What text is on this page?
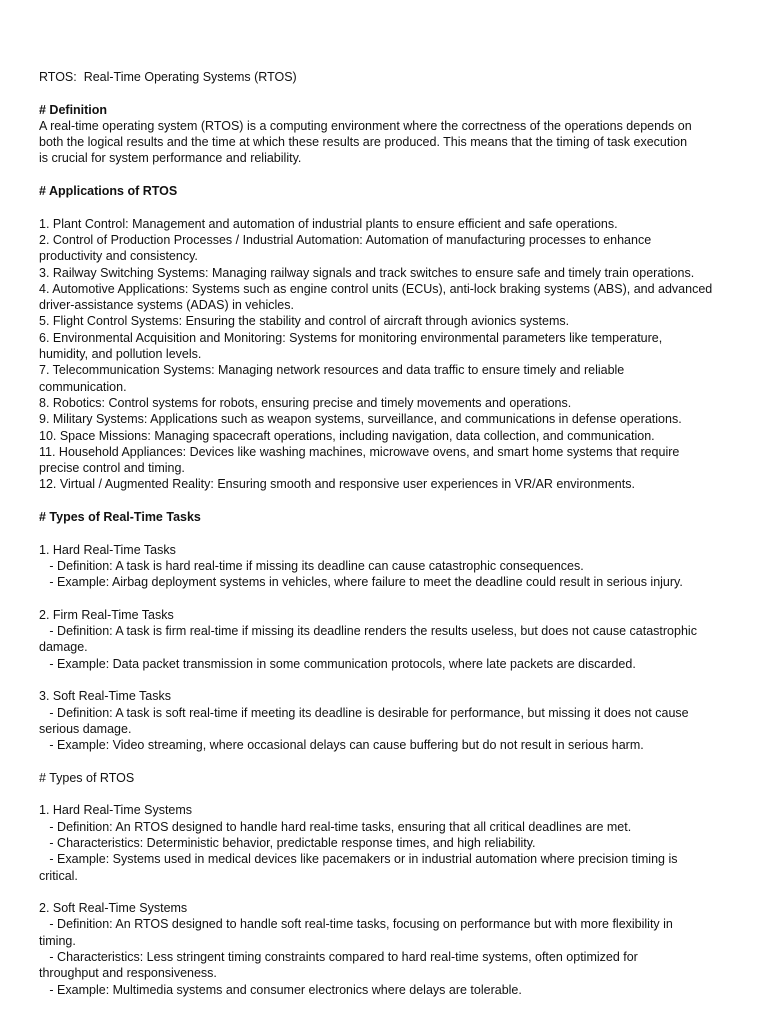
RTOS:  Real-Time Operating Systems (RTOS)

# Definition

A real-time operating system (RTOS) is a computing environment where the correctness of the operations depends on

both the logical results and the time at which these results are produced. This means that the timing of task execution

is crucial for system performance and reliability.

# Applications of RTOS

1. Plant Control: Management and automation of industrial plants to ensure efficient and safe operations.

2. Control of Production Processes / Industrial Automation: Automation of manufacturing processes to enhance

productivity and consistency.

3. Railway Switching Systems: Managing railway signals and track switches to ensure safe and timely train operations.

4. Automotive Applications: Systems such as engine control units (ECUs), anti-lock braking systems (ABS), and advanced

driver-assistance systems (ADAS) in vehicles.

5. Flight Control Systems: Ensuring the stability and control of aircraft through avionics systems.

6. Environmental Acquisition and Monitoring: Systems for monitoring environmental parameters like temperature,

humidity, and pollution levels.

7. Telecommunication Systems: Managing network resources and data traffic to ensure timely and reliable

communication.

8. Robotics: Control systems for robots, ensuring precise and timely movements and operations.

9. Military Systems: Applications such as weapon systems, surveillance, and communications in defense operations.

10. Space Missions: Managing spacecraft operations, including navigation, data collection, and communication.

11. Household Appliances: Devices like washing machines, microwave ovens, and smart home systems that require

precise control and timing.

12. Virtual / Augmented Reality: Ensuring smooth and responsive user experiences in VR/AR environments.

# Types of Real-Time Tasks

1. Hard Real-Time Tasks

- Definition: A task is hard real-time if missing its deadline can cause catastrophic consequences.

- Example: Airbag deployment systems in vehicles, where failure to meet the deadline could result in serious injury.

2. Firm Real-Time Tasks

- Definition: A task is firm real-time if missing its deadline renders the results useless, but does not cause catastrophic

damage.

- Example: Data packet transmission in some communication protocols, where late packets are discarded.

3. Soft Real-Time Tasks

- Definition: A task is soft real-time if meeting its deadline is desirable for performance, but missing it does not cause

serious damage.

- Example: Video streaming, where occasional delays can cause buffering but do not result in serious harm.

# Types of RTOS

1. Hard Real-Time Systems

- Definition: An RTOS designed to handle hard real-time tasks, ensuring that all critical deadlines are met.

- Characteristics: Deterministic behavior, predictable response times, and high reliability.

- Example: Systems used in medical devices like pacemakers or in industrial automation where precision timing is

critical.

2. Soft Real-Time Systems

- Definition: An RTOS designed to handle soft real-time tasks, focusing on performance but with more flexibility in

timing.

- Characteristics: Less stringent timing constraints compared to hard real-time systems, often optimized for

throughput and responsiveness.

- Example: Multimedia systems and consumer electronics where delays are tolerable.
